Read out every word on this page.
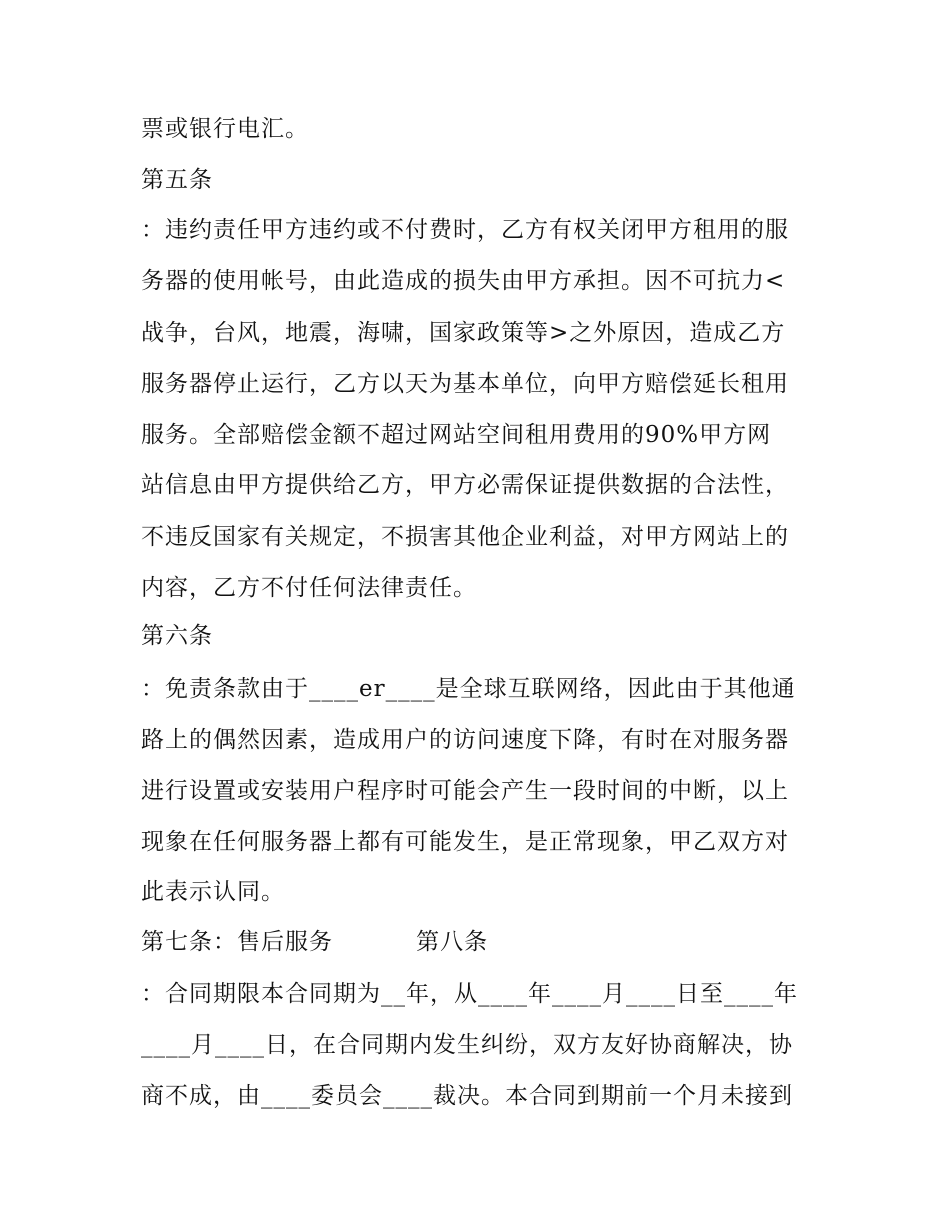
票或银行电汇。
第五条
：违约责任甲方违约或不付费时，乙方有权关闭甲方租用的服
务器的使用帐号，由此造成的损失由甲方承担。因不可抗力<
战争，台风，地震，海啸，国家政策等>之外原因，造成乙方
服务器停止运行，乙方以天为基本单位，向甲方赔偿延长租用
服务。全部赔偿金额不超过网站空间租用费用的90%甲方网
站信息由甲方提供给乙方，甲方必需保证提供数据的合法性，
不违反国家有关规定，不损害其他企业利益，对甲方网站上的
内容，乙方不付任何法律责任。
第六条
：免责条款由于____er____是全球互联网络，因此由于其他通
路上的偶然因素，造成用户的访问速度下降，有时在对服务器
进行设置或安装用户程序时可能会产生一段时间的中断，以上
现象在任何服务器上都有可能发生，是正常现象，甲乙双方对
此表示认同。
第七条：售后服务          第八条
：合同期限本合同期为__年，从____年____月____日至____年
____月____日，在合同期内发生纠纷，双方友好协商解决，协
商不成，由____委员会____裁决。本合同到期前一个月未接到
